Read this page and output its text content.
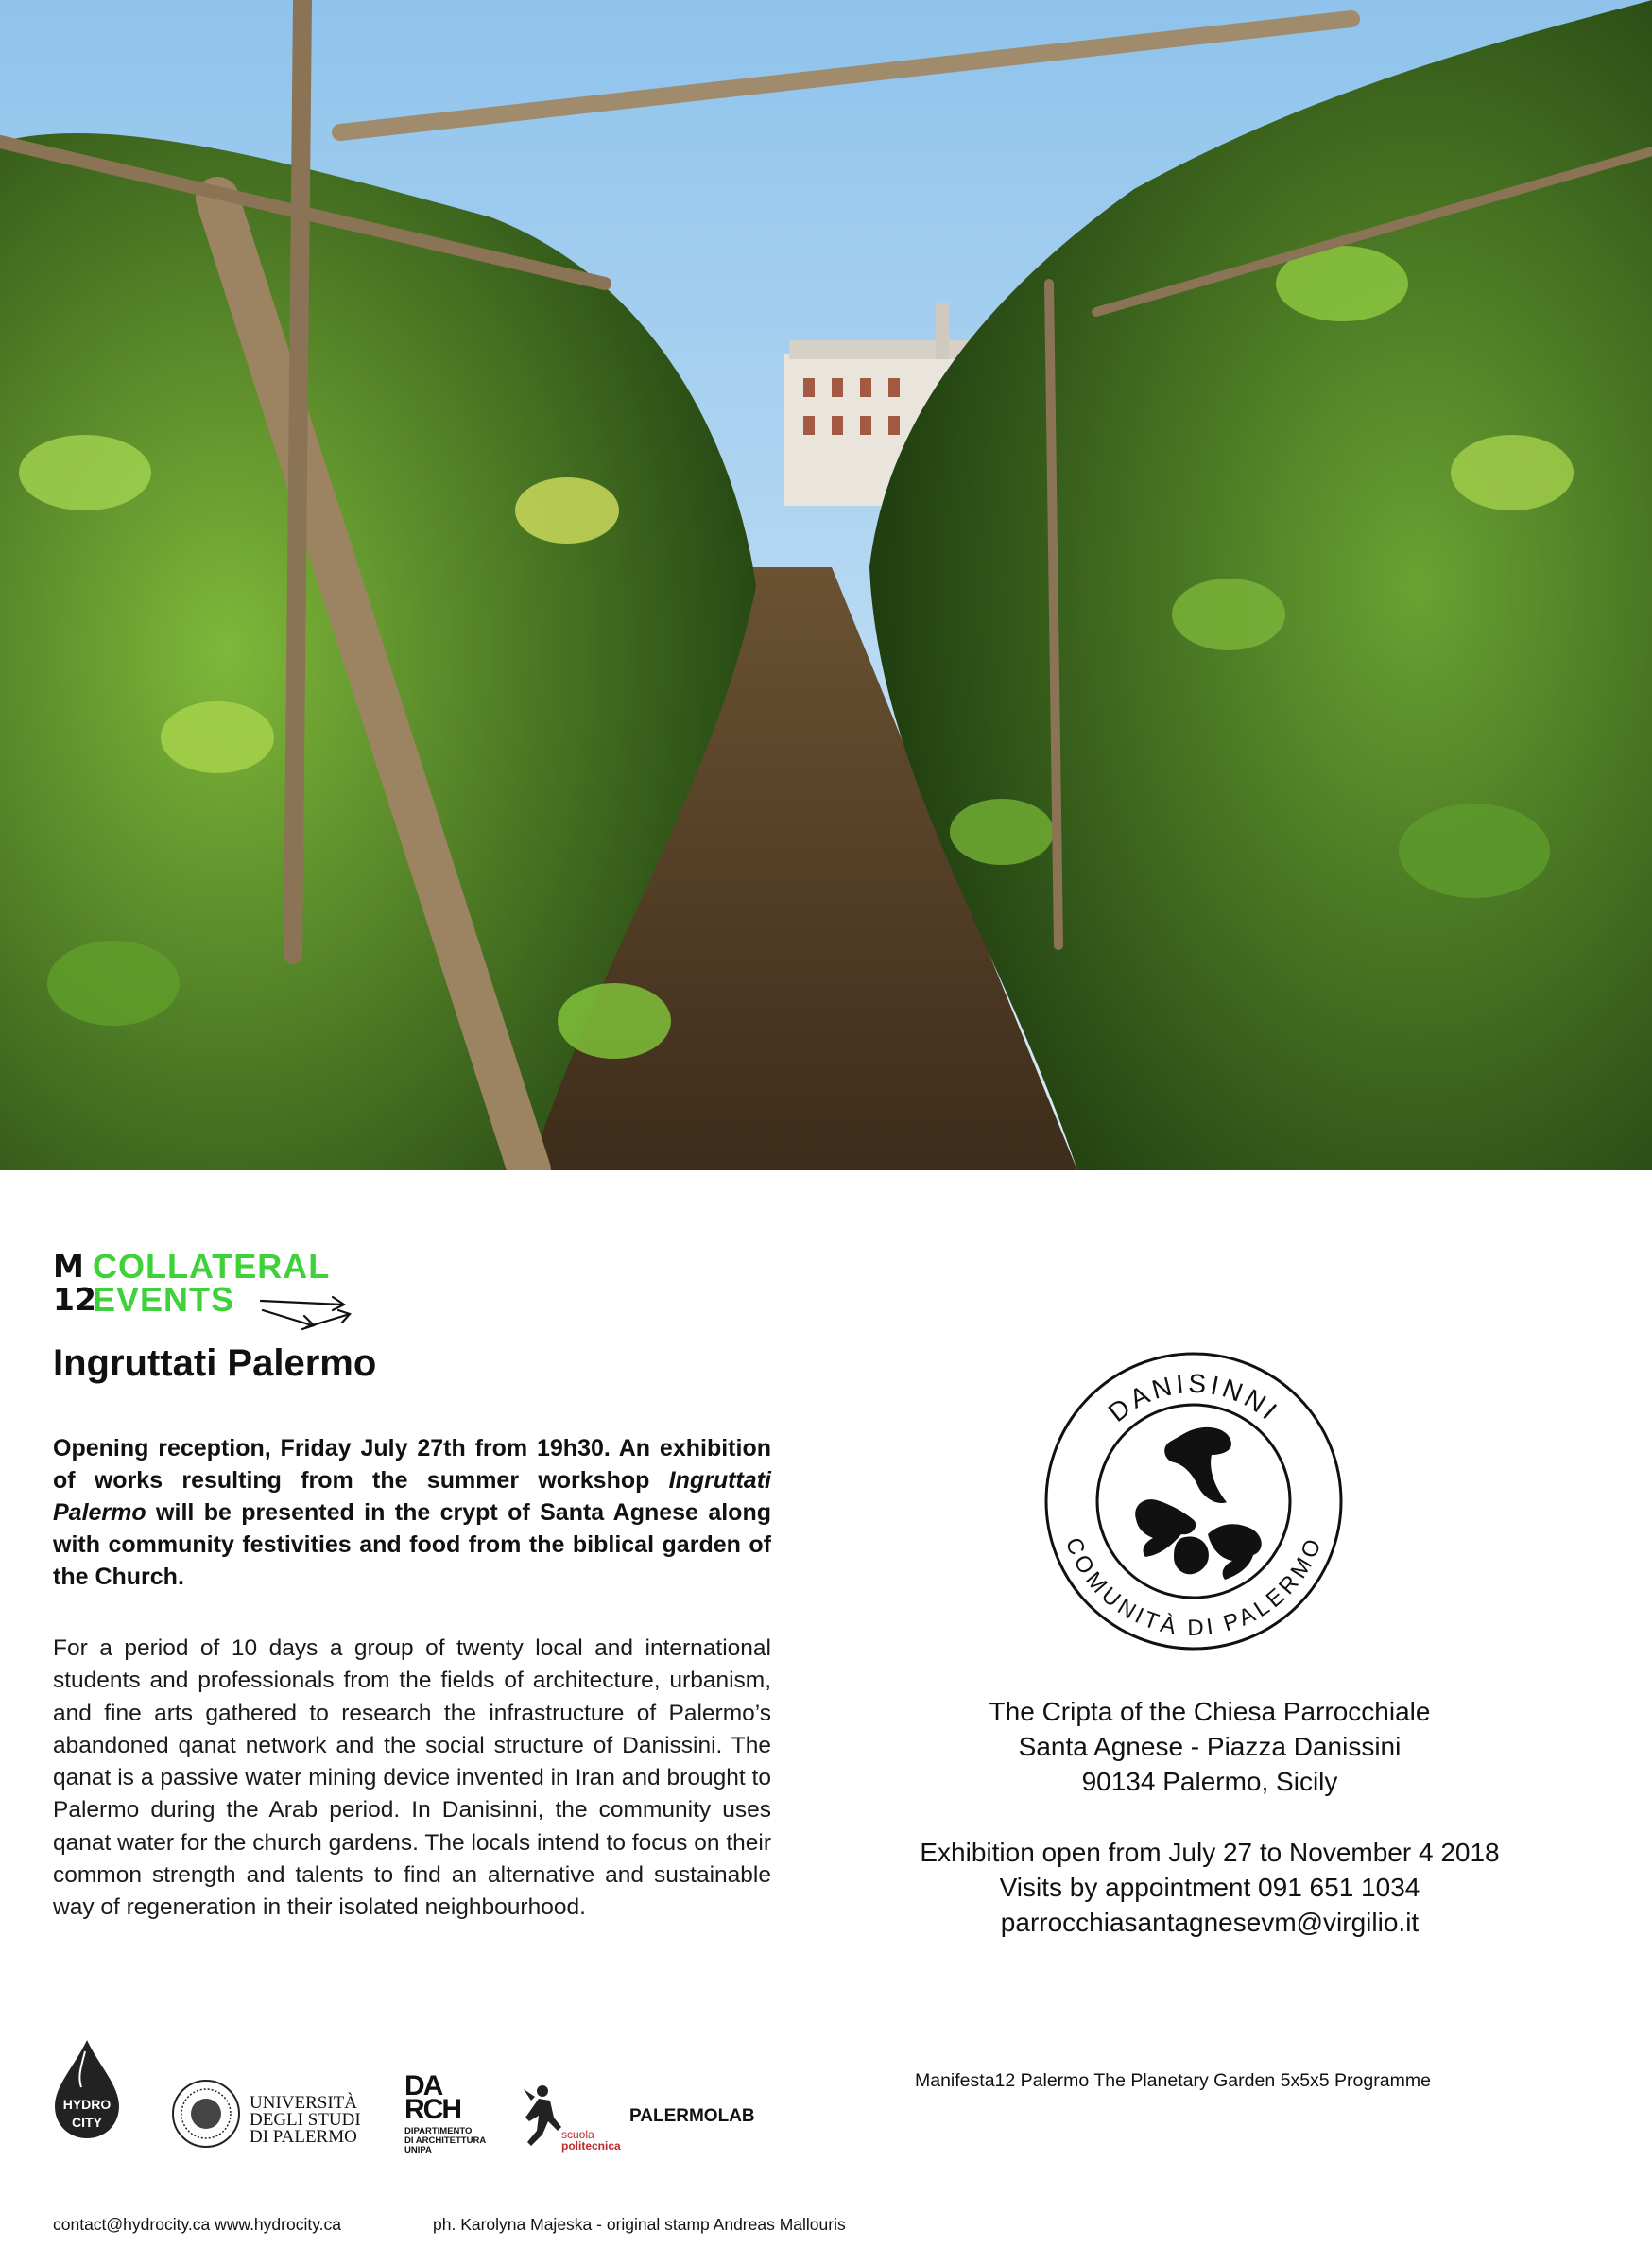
M
12
COLLATERAL
EVENTS
Ingruttati Palermo
Opening reception, Friday July 27th from 19h30. An exhibition of works resulting from the summer workshop Ingruttati Palermo will be presented in the crypt of Santa Agnese along with community festivities and food from the biblical garden of the Church.
For a period of 10 days a group of twenty local and international students and professionals from the fields of architecture, urbanism, and fine arts gathered to research the infrastructure of Palermo’s abandoned qanat network and the social structure of Danissini. The qanat is a passive water mining device invented in Iran and brought to Palermo during the Arab period. In Danisinni, the community uses qanat water for the church gardens. The locals intend to focus on their common strength and talents to find an alternative and sustainable way of regeneration in their isolated neighbourhood.
DANISINNI
COMUNITÀ DI PALERMO
The Cripta of the Chiesa Parrocchiale
Santa Agnese - Piazza Danissini
90134 Palermo, Sicily
Exhibition open from July 27 to November 4 2018
Visits by appointment 091 651 1034
parrocchiasantagnesevm@virgilio.it
HYDRO
CITY
UNIVERSITÀ
DEGLI STUDI
DI PALERMO
DA
RCH
DIPARTIMENTO
DI ARCHITETTURA
UNIPA
scuola
politecnica
PALERMOLAB
Manifesta12 Palermo The Planetary Garden 5x5x5 Programme
contact@hydrocity.ca www.hydrocity.ca	ph. Karolyna Majeska - original stamp Andreas Mallouris
